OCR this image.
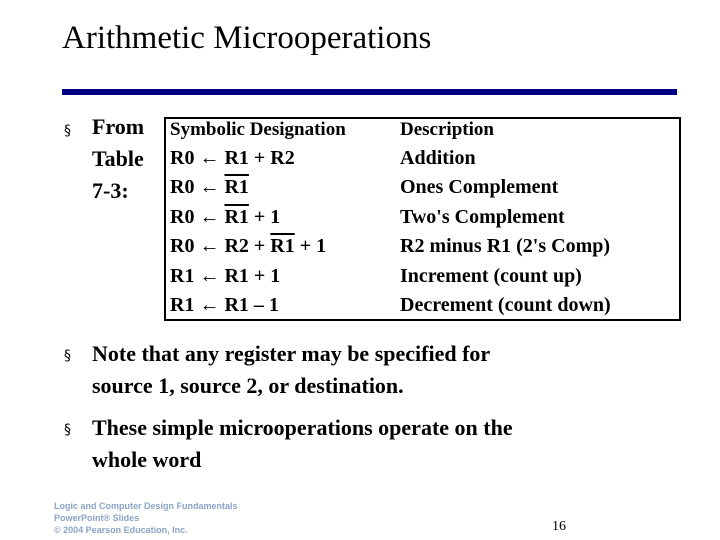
Arithmetic Microoperations
§ From
Table
7-3:
Symbolic Designation	Description
R0 ← R1 + R2	Addition
R0 ← R1	Ones Complement
R0 ← R1 + 1	Two's Complement
R0 ← R2 + R1 + 1	R2 minus R1 (2's Comp)
R1 ← R1 + 1	Increment (count up)
R1 ← R1 – 1	Decrement (count down)
§ Note that any register may be specified for
source 1, source 2, or destination.
§ These simple microoperations operate on the
whole word
Logic and Computer Design Fundamentals
PowerPoint® Slides
© 2004 Pearson Education, Inc.	16
